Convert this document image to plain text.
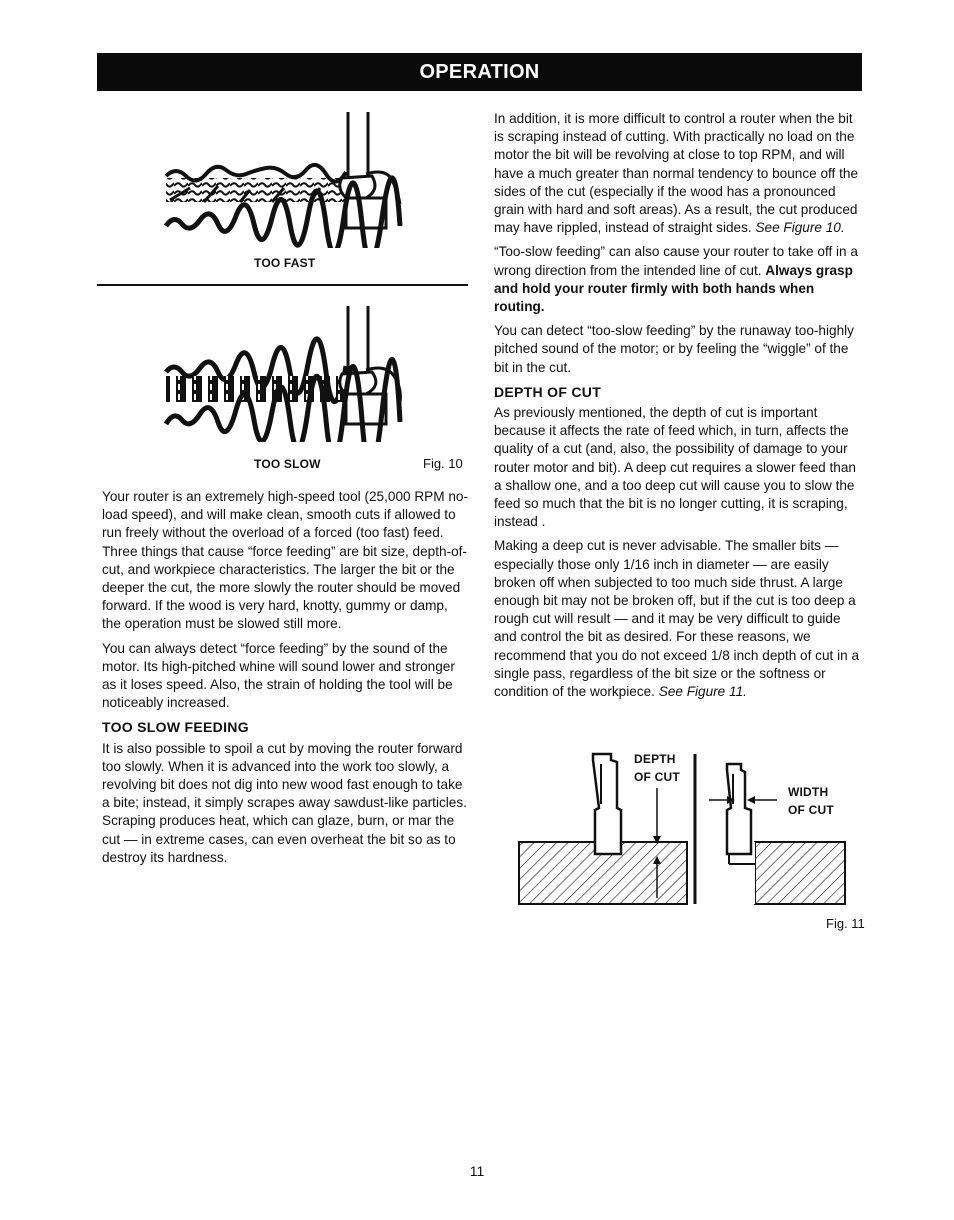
OPERATION
TOO FAST
TOO SLOW	Fig. 10

Your router is an extremely high-speed tool (25,000 RPM no-load speed), and will make clean, smooth cuts if allowed to run freely without the overload of a forced (too fast) feed. Three things that cause “force feeding” are bit size, depth-of-cut, and workpiece characteristics. The larger the bit or the deeper the cut, the more slowly the router should be moved forward. If the wood is very hard, knotty, gummy or damp, the operation must be slowed still more.

You can always detect “force feeding” by the sound of the motor. Its high-pitched whine will sound lower and stronger as it loses speed. Also, the strain of holding the tool will be noticeably increased.

TOO SLOW FEEDING

It is also possible to spoil a cut by moving the router forward too slowly. When it is advanced into the work too slowly, a revolving bit does not dig into new wood fast enough to take a bite; instead, it simply scrapes away sawdust-like particles. Scraping produces heat, which can glaze, burn, or mar the cut — in extreme cases, can even overheat the bit so as to destroy its hardness.

In addition, it is more difficult to control a router when the bit is scraping instead of cutting. With practically no load on the motor the bit will be revolving at close to top RPM, and will have a much greater than normal tendency to bounce off the sides of the cut (especially if the wood has a pronounced grain with hard and soft areas). As a result, the cut produced may have rippled, instead of straight sides. See Figure 10.

“Too-slow feeding” can also cause your router to take off in a wrong direction from the intended line of cut. Always grasp and hold your router firmly with both hands when routing.

You can detect “too-slow feeding” by the runaway too-highly pitched sound of the motor; or by feeling the “wiggle” of the bit in the cut.

DEPTH OF CUT

As previously mentioned, the depth of cut is important because it affects the rate of feed which, in turn, affects the quality of a cut (and, also, the possibility of damage to your router motor and bit). A deep cut requires a slower feed than a shallow one, and a too deep cut will cause you to slow the feed so much that the bit is no longer cutting, it is scraping, instead .

Making a deep cut is never advisable. The smaller bits —especially those only 1/16 inch in diameter — are easily broken off when subjected to too much side thrust. A large enough bit may not be broken off, but if the cut is too deep a rough cut will result — and it may be very difficult to guide and control the bit as desired. For these reasons, we recommend that you do not exceed 1/8 inch depth of cut in a single pass, regardless of the bit size or the softness or condition of the workpiece. See Figure 11.

DEPTH
OF CUT
WIDTH
OF CUT
Fig. 11
11
